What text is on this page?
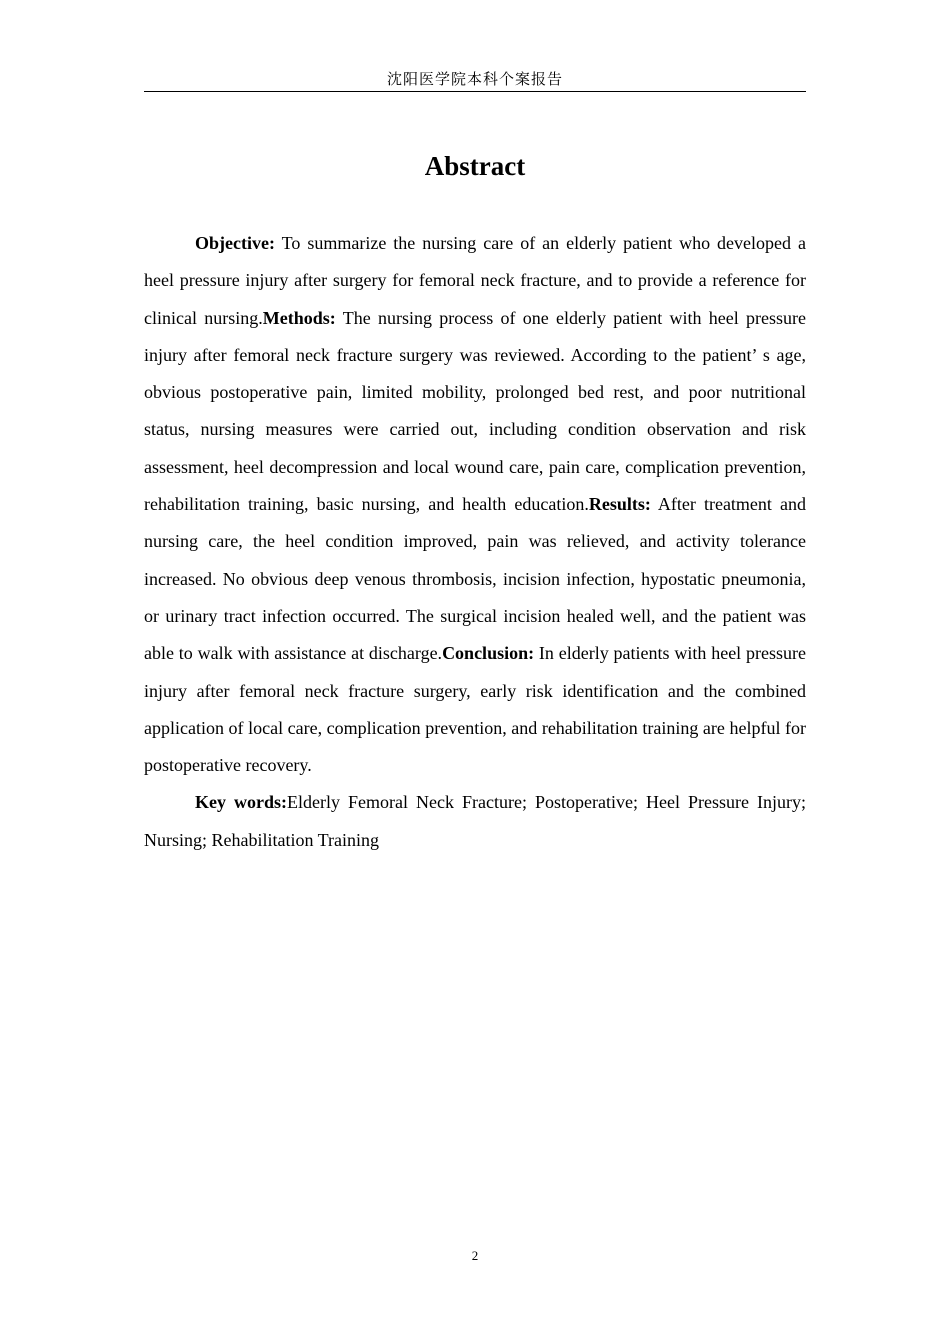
沈阳医学院本科个案报告
Abstract

Objective: To summarize the nursing care of an elderly patient who developed a heel pressure injury after surgery for femoral neck fracture, and to provide a reference for clinical nursing.Methods: The nursing process of one elderly patient with heel pressure injury after femoral neck fracture surgery was reviewed. According to the patient’ s age, obvious postoperative pain, limited mobility, prolonged bed rest, and poor nutritional status, nursing measures were carried out, including condition observation and risk assessment, heel decompression and local wound care, pain care, complication prevention, rehabilitation training, basic nursing, and health education.Results: After treatment and nursing care, the heel condition improved, pain was relieved, and activity tolerance increased. No obvious deep venous thrombosis, incision infection, hypostatic pneumonia, or urinary tract infection occurred. The surgical incision healed well, and the patient was able to walk with assistance at discharge.Conclusion: In elderly patients with heel pressure injury after femoral neck fracture surgery, early risk identification and the combined application of local care, complication prevention, and rehabilitation training are helpful for postoperative recovery.

Key words:Elderly Femoral Neck Fracture; Postoperative; Heel Pressure Injury; Nursing; Rehabilitation Training

2
